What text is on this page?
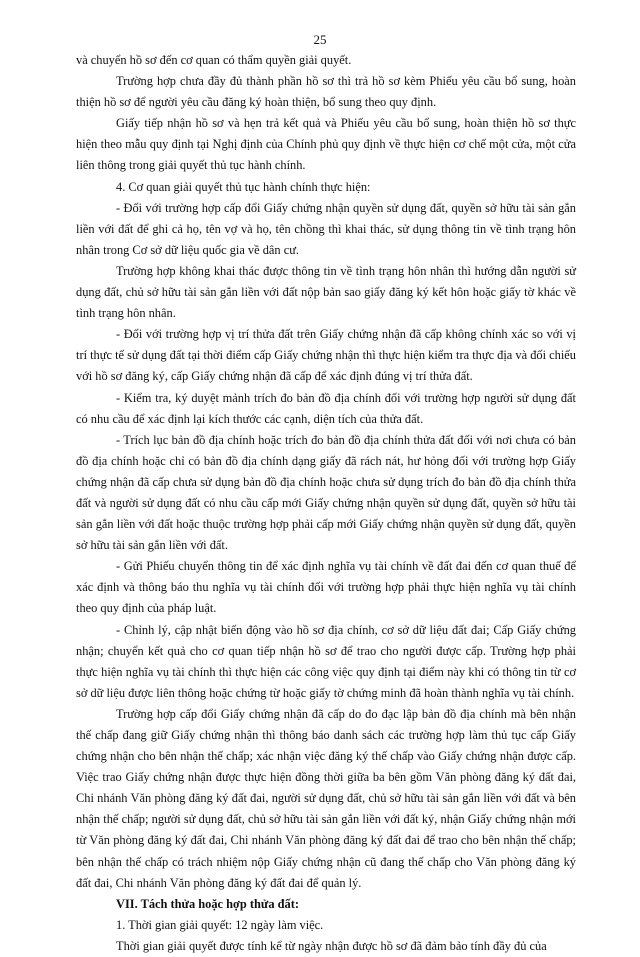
25

và chuyển hồ sơ đến cơ quan có thẩm quyền giải quyết.

Trường hợp chưa đầy đủ thành phần hồ sơ thì trả hồ sơ kèm Phiếu yêu cầu bổ sung, hoàn thiện hồ sơ để người yêu cầu đăng ký hoàn thiện, bổ sung theo quy định.

Giấy tiếp nhận hồ sơ và hẹn trả kết quả và Phiếu yêu cầu bổ sung, hoàn thiện hồ sơ thực hiện theo mẫu quy định tại Nghị định của Chính phủ quy định về thực hiện cơ chế một cửa, một cửa liên thông trong giải quyết thủ tục hành chính.

4. Cơ quan giải quyết thủ tục hành chính thực hiện:

- Đối với trường hợp cấp đổi Giấy chứng nhận quyền sử dụng đất, quyền sở hữu tài sản gắn liền với đất để ghi cả họ, tên vợ và họ, tên chồng thì khai thác, sử dụng thông tin về tình trạng hôn nhân trong Cơ sở dữ liệu quốc gia về dân cư.

Trường hợp không khai thác được thông tin về tình trạng hôn nhân thì hướng dẫn người sử dụng đất, chủ sở hữu tài sản gắn liền với đất nộp bản sao giấy đăng ký kết hôn hoặc giấy tờ khác về tình trạng hôn nhân.

- Đối với trường hợp vị trí thửa đất trên Giấy chứng nhận đã cấp không chính xác so với vị trí thực tế sử dụng đất tại thời điểm cấp Giấy chứng nhận thì thực hiện kiểm tra thực địa và đối chiếu với hồ sơ đăng ký, cấp Giấy chứng nhận đã cấp để xác định đúng vị trí thửa đất.

- Kiểm tra, ký duyệt mảnh trích đo bản đồ địa chính đối với trường hợp người sử dụng đất có nhu cầu để xác định lại kích thước các cạnh, diện tích của thửa đất.

- Trích lục bản đồ địa chính hoặc trích đo bản đồ địa chính thửa đất đối với nơi chưa có bản đồ địa chính hoặc chỉ có bản đồ địa chính dạng giấy đã rách nát, hư hỏng đối với trường hợp Giấy chứng nhận đã cấp chưa sử dụng bản đồ địa chính hoặc chưa sử dụng trích đo bản đồ địa chính thửa đất và người sử dụng đất có nhu cầu cấp mới Giấy chứng nhận quyền sử dụng đất, quyền sở hữu tài sản gắn liền với đất hoặc thuộc trường hợp phải cấp mới Giấy chứng nhận quyền sử dụng đất, quyền sở hữu tài sản gắn liền với đất.

- Gửi Phiếu chuyển thông tin để xác định nghĩa vụ tài chính về đất đai đến cơ quan thuế để xác định và thông báo thu nghĩa vụ tài chính đối với trường hợp phải thực hiện nghĩa vụ tài chính theo quy định của pháp luật.

- Chỉnh lý, cập nhật biến động vào hồ sơ địa chính, cơ sở dữ liệu đất đai; Cấp Giấy chứng nhận; chuyển kết quả cho cơ quan tiếp nhận hồ sơ để trao cho người được cấp. Trường hợp phải thực hiện nghĩa vụ tài chính thì thực hiện các công việc quy định tại điểm này khi có thông tin từ cơ sở dữ liệu được liên thông hoặc chứng từ hoặc giấy tờ chứng minh đã hoàn thành nghĩa vụ tài chính.

Trường hợp cấp đổi Giấy chứng nhận đã cấp do đo đạc lập bản đồ địa chính mà bên nhận thế chấp đang giữ Giấy chứng nhận thì thông báo danh sách các trường hợp làm thủ tục cấp Giấy chứng nhận cho bên nhận thế chấp; xác nhận việc đăng ký thế chấp vào Giấy chứng nhận được cấp. Việc trao Giấy chứng nhận được thực hiện đồng thời giữa ba bên gồm Văn phòng đăng ký đất đai, Chi nhánh Văn phòng đăng ký đất đai, người sử dụng đất, chủ sở hữu tài sản gắn liền với đất và bên nhận thế chấp; người sử dụng đất, chủ sở hữu tài sản gắn liền với đất ký, nhận Giấy chứng nhận mới từ Văn phòng đăng ký đất đai, Chi nhánh Văn phòng đăng ký đất đai để trao cho bên nhận thế chấp; bên nhận thế chấp có trách nhiệm nộp Giấy chứng nhận cũ đang thế chấp cho Văn phòng đăng ký đất đai, Chi nhánh Văn phòng đăng ký đất đai để quản lý.

VII. Tách thửa hoặc hợp thửa đất:

1. Thời gian giải quyết: 12 ngày làm việc.

Thời gian giải quyết được tính kể từ ngày nhận được hồ sơ đã đảm bảo tính đầy đủ của
